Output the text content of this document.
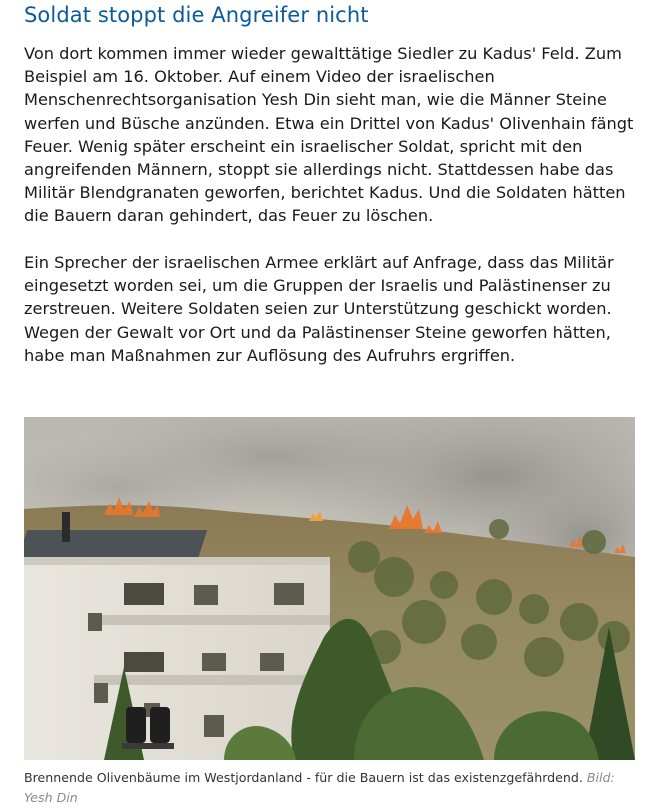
Soldat stoppt die Angreifer nicht

Von dort kommen immer wieder gewalttätige Siedler zu Kadus' Feld. Zum
Beispiel am 16. Oktober. Auf einem Video der israelischen
Menschenrechtsorganisation Yesh Din sieht man, wie die Männer Steine
werfen und Büsche anzünden. Etwa ein Drittel von Kadus' Olivenhain fängt
Feuer. Wenig später erscheint ein israelischer Soldat, spricht mit den
angreifenden Männern, stoppt sie allerdings nicht. Stattdessen habe das
Militär Blendgranaten geworfen, berichtet Kadus. Und die Soldaten hätten
die Bauern daran gehindert, das Feuer zu löschen.

Ein Sprecher der israelischen Armee erklärt auf Anfrage, dass das Militär
eingesetzt worden sei, um die Gruppen der Israelis und Palästinenser zu
zerstreuen. Weitere Soldaten seien zur Unterstützung geschickt worden.
Wegen der Gewalt vor Ort und da Palästinenser Steine geworfen hätten,
habe man Maßnahmen zur Auflösung des Aufruhrs ergriffen.

Brennende Olivenbäume im Westjordanland - für die Bauern ist das existenzgefährdend. Bild: Yesh Din
